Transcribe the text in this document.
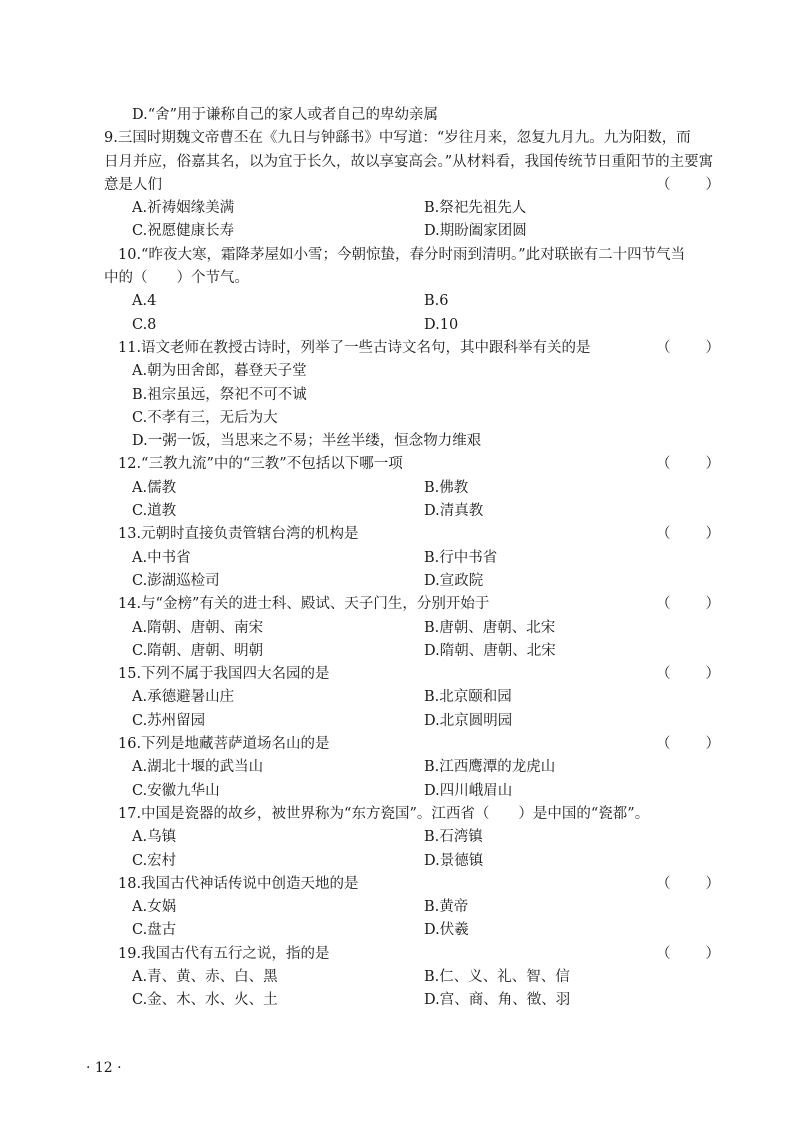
D.“舍”用于谦称自己的家人或者自己的卑幼亲属
9.三国时期魏文帝曹丕在《九日与钟繇书》中写道：“岁往月来，忽复九月九。九为阳数，而
日月并应，俗嘉其名，以为宜于长久，故以享宴高会。”从材料看，我国传统节日重阳节的主要寓
意是人们	（　　）
A.祈祷姻缘美满	B.祭祀先祖先人
C.祝愿健康长寿	D.期盼阖家团圆
10.“昨夜大寒，霜降茅屋如小雪；今朝惊蛰，春分时雨到清明。”此对联嵌有二十四节气当
中的（　　）个节气。
A.4	B.6
C.8	D.10
11.语文老师在教授古诗时，列举了一些古诗文名句，其中跟科举有关的是	（　　）
A.朝为田舍郎，暮登天子堂
B.祖宗虽远，祭祀不可不诚
C.不孝有三，无后为大
D.一粥一饭，当思来之不易；半丝半缕，恒念物力维艰
12.“三教九流”中的“三教”不包括以下哪一项	（　　）
A.儒教	B.佛教
C.道教	D.清真教
13.元朝时直接负责管辖台湾的机构是	（　　）
A.中书省	B.行中书省
C.澎湖巡检司	D.宣政院
14.与“金榜”有关的进士科、殿试、天子门生，分别开始于	（　　）
A.隋朝、唐朝、南宋	B.唐朝、唐朝、北宋
C.隋朝、唐朝、明朝	D.隋朝、唐朝、北宋
15.下列不属于我国四大名园的是	（　　）
A.承德避暑山庄	B.北京颐和园
C.苏州留园	D.北京圆明园
16.下列是地藏菩萨道场名山的是	（　　）
A.湖北十堰的武当山	B.江西鹰潭的龙虎山
C.安徽九华山	D.四川峨眉山
17.中国是瓷器的故乡，被世界称为“东方瓷国”。江西省（　　）是中国的“瓷都”。
A.乌镇	B.石湾镇
C.宏村	D.景德镇
18.我国古代神话传说中创造天地的是	（　　）
A.女娲	B.黄帝
C.盘古	D.伏羲
19.我国古代有五行之说，指的是	（　　）
A.青、黄、赤、白、黑	B.仁、义、礼、智、信
C.金、木、水、火、土	D.宫、商、角、徵、羽
· 12 ·
